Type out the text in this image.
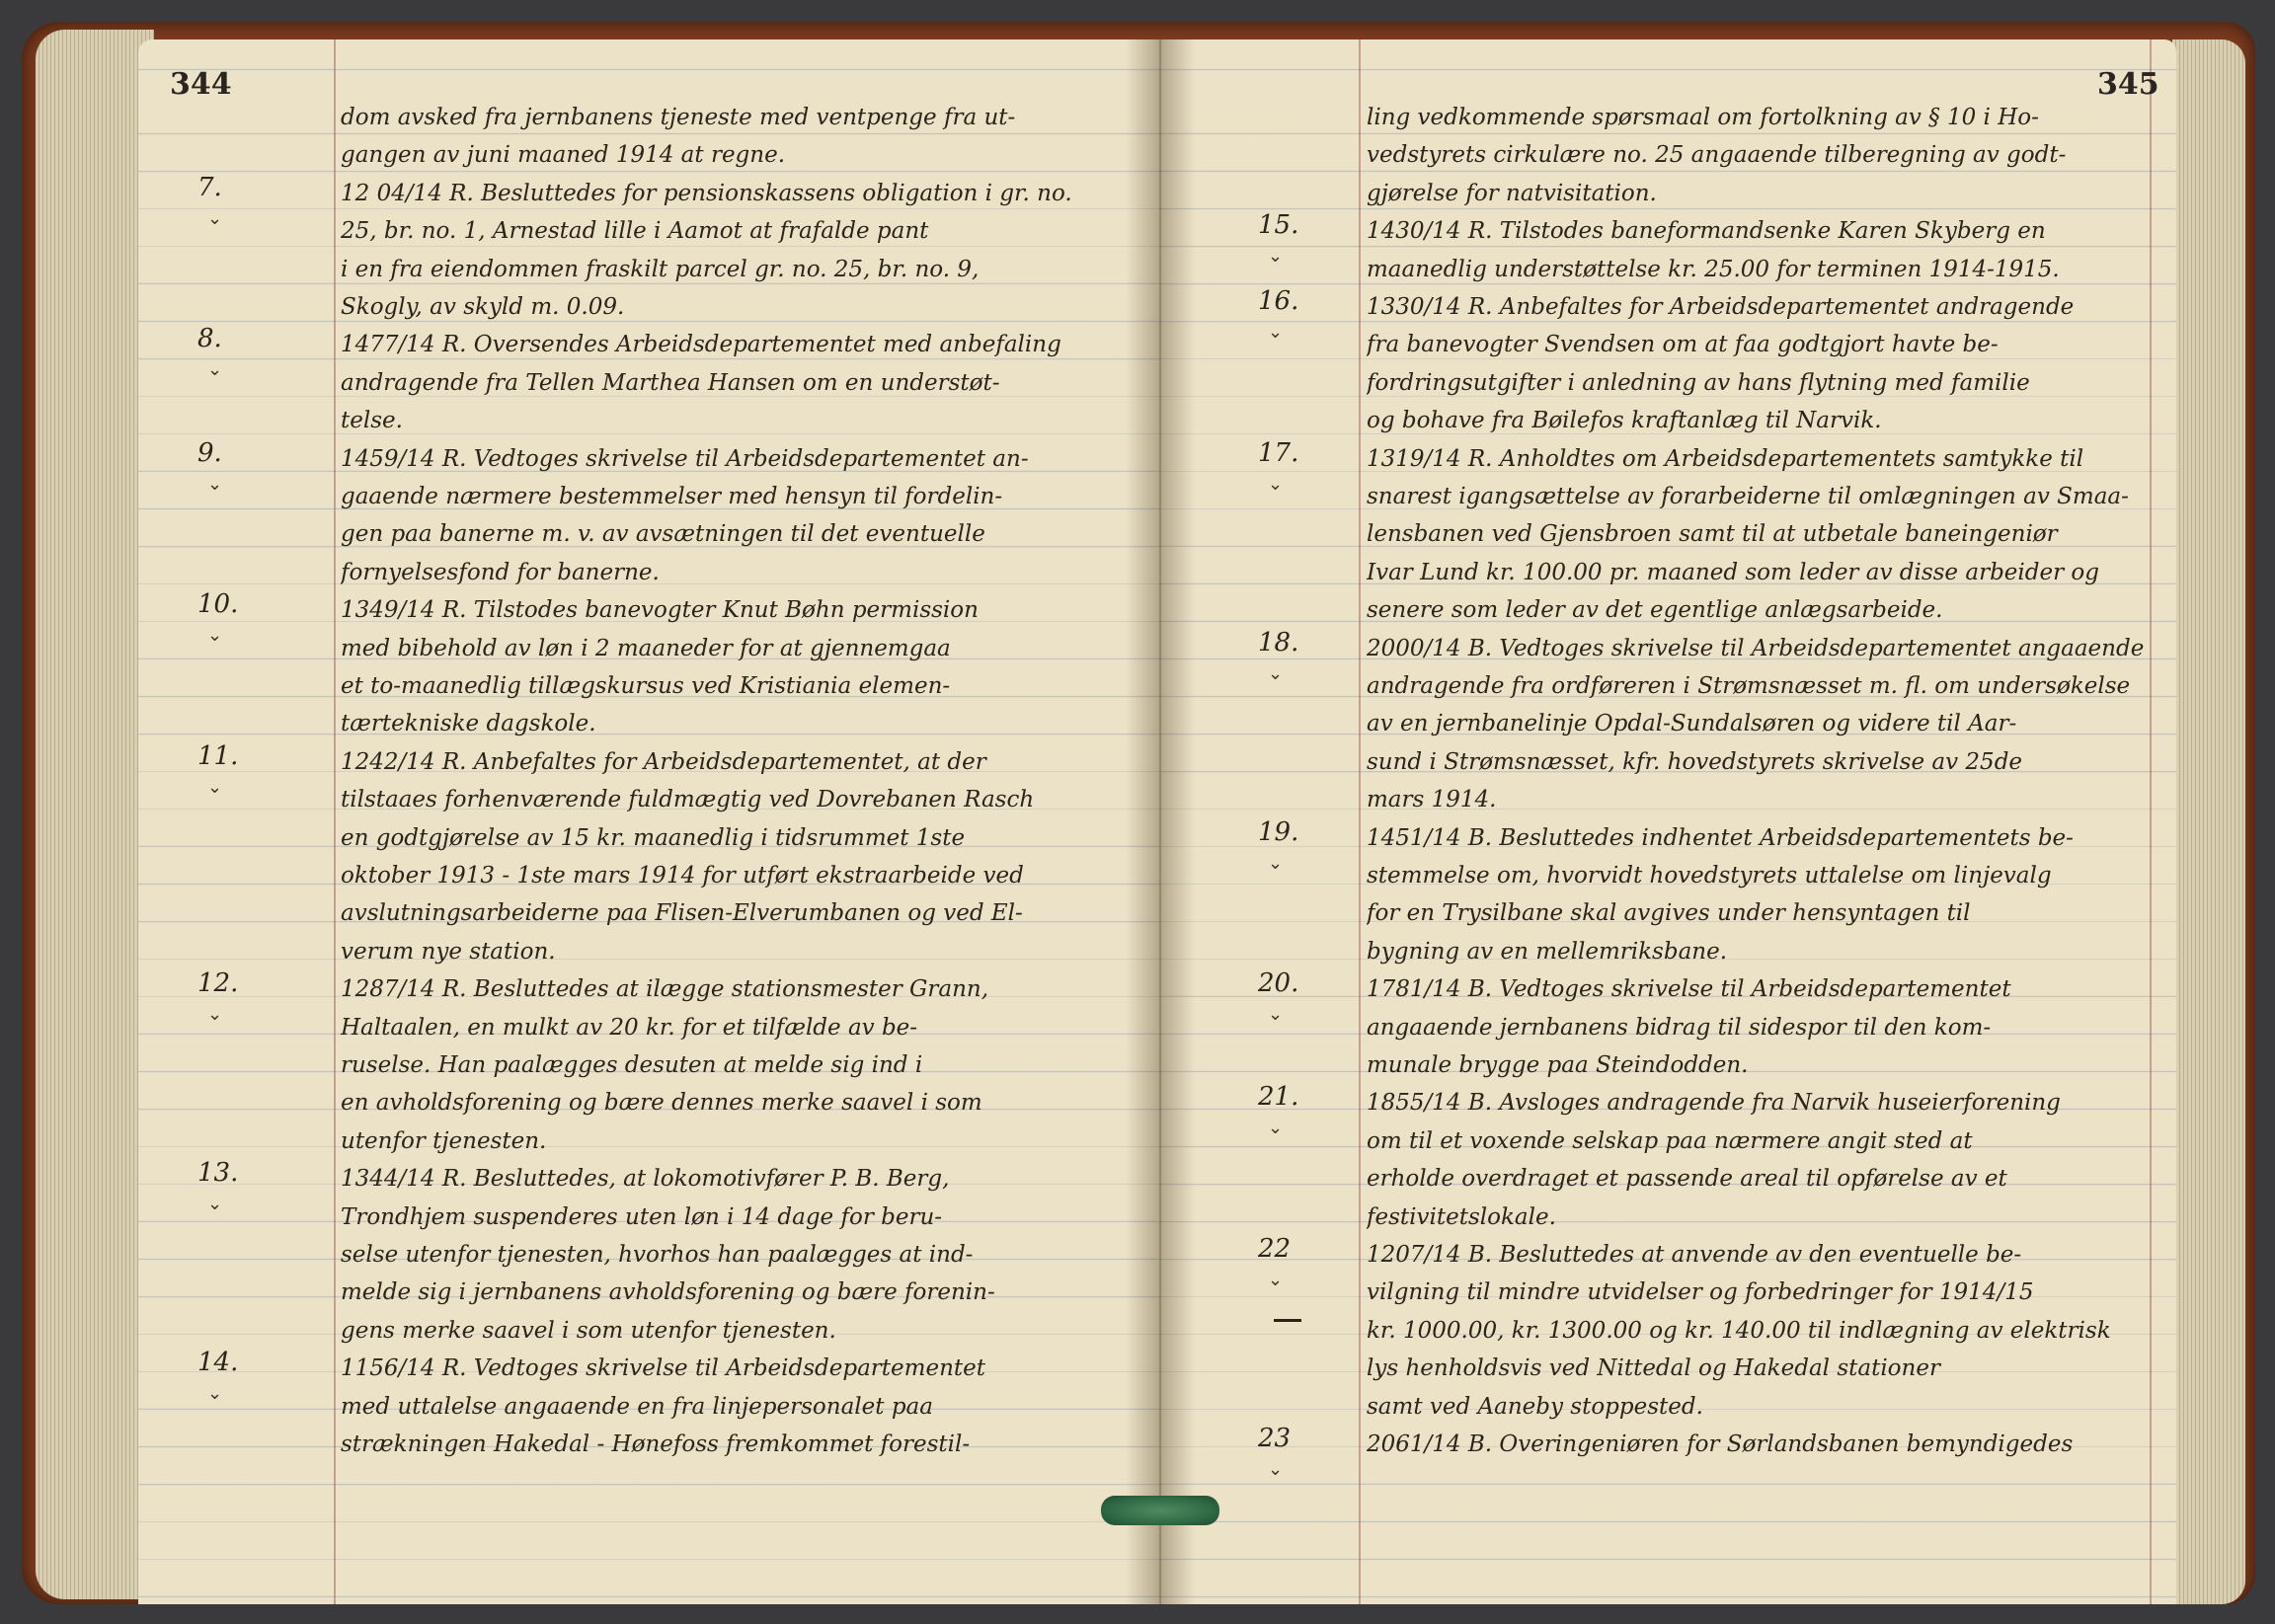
344
dom avsked fra jernbanens tjeneste med ventpenge fra ut-
gangen av juni maaned 1914 at regne.
7.
⌄
12 04/14 R. Besluttedes for pensionskassens obligation i gr. no.
25, br. no. 1, Arnestad lille i Aamot at frafalde pant
i en fra eiendommen fraskilt parcel gr. no. 25, br. no. 9,
Skogly, av skyld m. 0.09.
8.
⌄
1477/14 R. Oversendes Arbeidsdepartementet med anbefaling
andragende fra Tellen Marthea Hansen om en understøt-
telse.
9.
⌄
1459/14 R. Vedtoges skrivelse til Arbeidsdepartementet an-
gaaende nærmere bestemmelser med hensyn til fordelin-
gen paa banerne m. v. av avsætningen til det eventuelle
fornyelsesfond for banerne.
10.
⌄
1349/14 R. Tilstodes banevogter Knut Bøhn permission
med bibehold av løn i 2 maaneder for at gjennemgaa
et to-maanedlig tillægskursus ved Kristiania elemen-
tærtekniske dagskole.
11.
⌄
1242/14 R. Anbefaltes for Arbeidsdepartementet, at der
tilstaaes forhenværende fuldmægtig ved Dovrebanen Rasch
en godtgjørelse av 15 kr. maanedlig i tidsrummet 1ste
oktober 1913 - 1ste mars 1914 for utført ekstraarbeide ved
avslutningsarbeiderne paa Flisen-Elverumbanen og ved El-
verum nye station.
12.
⌄
1287/14 R. Besluttedes at ilægge stationsmester Grann,
Haltaalen, en mulkt av 20 kr. for et tilfælde av be-
ruselse. Han paalægges desuten at melde sig ind i
en avholdsforening og bære dennes merke saavel i som
utenfor tjenesten.
13.
⌄
1344/14 R. Besluttedes, at lokomotivfører P. B. Berg,
Trondhjem suspenderes uten løn i 14 dage for beru-
selse utenfor tjenesten, hvorhos han paalægges at ind-
melde sig i jernbanens avholdsforening og bære forenin-
gens merke saavel i som utenfor tjenesten.
14.
⌄
1156/14 R. Vedtoges skrivelse til Arbeidsdepartementet
med uttalelse angaaende en fra linjepersonalet paa
strækningen Hakedal - Hønefoss fremkommet forestil-
345
ling vedkommende spørsmaal om fortolkning av § 10 i Ho-
vedstyrets cirkulære no. 25 angaaende tilberegning av godt-
gjørelse for natvisitation.
15.
⌄
1430/14 R. Tilstodes baneformandsenke Karen Skyberg en
maanedlig understøttelse kr. 25.00 for terminen 1914-1915.
16.
⌄
1330/14 R. Anbefaltes for Arbeidsdepartementet andragende
fra banevogter Svendsen om at faa godtgjort havte be-
fordringsutgifter i anledning av hans flytning med familie
og bohave fra Bøilefos kraftanlæg til Narvik.
17.
⌄
1319/14 R. Anholdtes om Arbeidsdepartementets samtykke til
snarest igangsættelse av forarbeiderne til omlægningen av Smaa-
lensbanen ved Gjensbroen samt til at utbetale baneingeniør
Ivar Lund kr. 100.00 pr. maaned som leder av disse arbeider og
senere som leder av det egentlige anlægsarbeide.
18.
⌄
2000/14 B. Vedtoges skrivelse til Arbeidsdepartementet angaaende
andragende fra ordføreren i Strømsnæsset m. fl. om undersøkelse
av en jernbanelinje Opdal-Sundalsøren og videre til Aar-
sund i Strømsnæsset, kfr. hovedstyrets skrivelse av 25de
mars 1914.
19.
⌄
1451/14 B. Besluttedes indhentet Arbeidsdepartementets be-
stemmelse om, hvorvidt hovedstyrets uttalelse om linjevalg
for en Trysilbane skal avgives under hensyntagen til
bygning av en mellemriksbane.
20.
⌄
1781/14 B. Vedtoges skrivelse til Arbeidsdepartementet
angaaende jernbanens bidrag til sidespor til den kom-
munale brygge paa Steindodden.
21.
⌄
1855/14 B. Avsloges andragende fra Narvik huseierforening
om til et voxende selskap paa nærmere angit sted at
erholde overdraget et passende areal til opførelse av et
festivitetslokale.
22
⌄
1207/14 B. Besluttedes at anvende av den eventuelle be-
vilgning til mindre utvidelser og forbedringer for 1914/15
kr. 1000.00, kr. 1300.00 og kr. 140.00 til indlægning av elektrisk
lys henholdsvis ved Nittedal og Hakedal stationer
samt ved Aaneby stoppested.
23
⌄
2061/14 B. Overingeniøren for Sørlandsbanen bemyndigedes
